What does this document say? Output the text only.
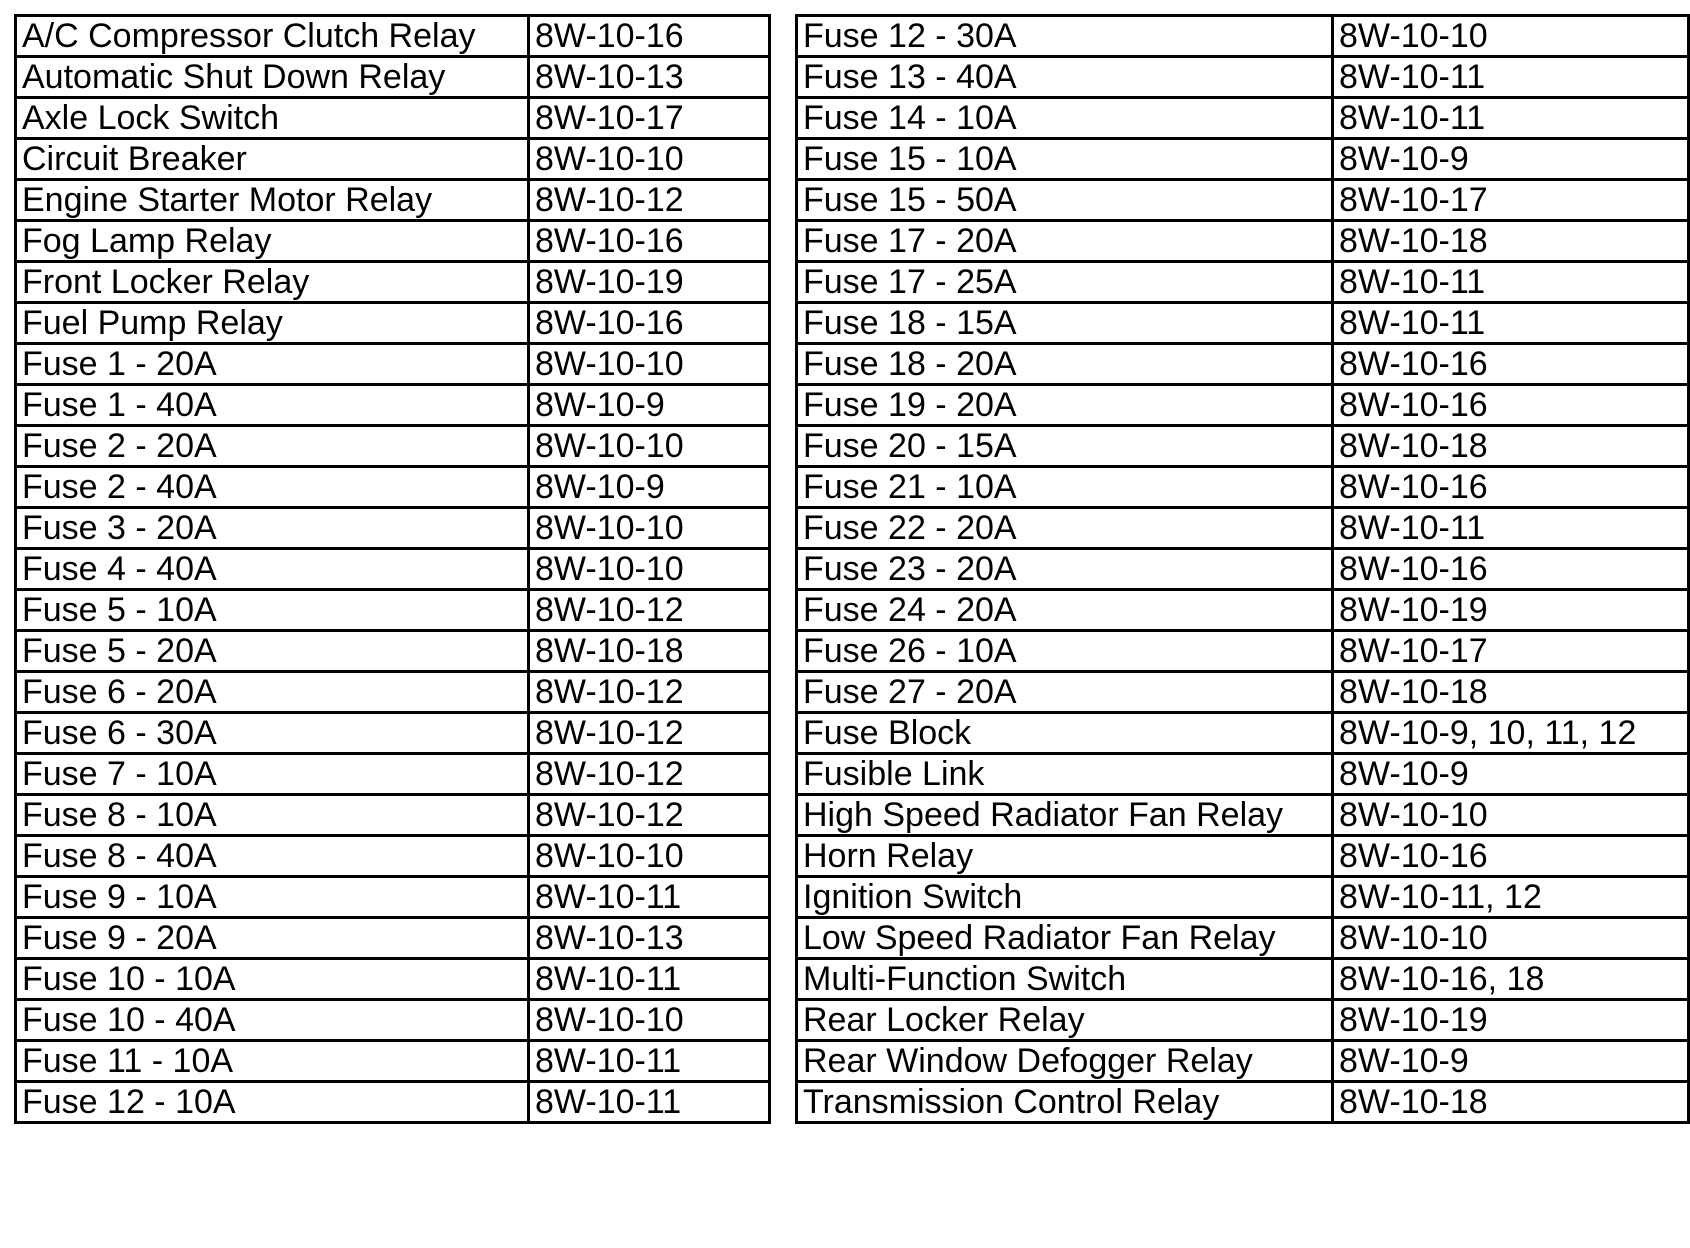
A/C Compressor Clutch Relay	8W-10-16
Automatic Shut Down Relay	8W-10-13
Axle Lock Switch	8W-10-17
Circuit Breaker	8W-10-10
Engine Starter Motor Relay	8W-10-12
Fog Lamp Relay	8W-10-16
Front Locker Relay	8W-10-19
Fuel Pump Relay	8W-10-16
Fuse 1 - 20A	8W-10-10
Fuse 1 - 40A	8W-10-9
Fuse 2 - 20A	8W-10-10
Fuse 2 - 40A	8W-10-9
Fuse 3 - 20A	8W-10-10
Fuse 4 - 40A	8W-10-10
Fuse 5 - 10A	8W-10-12
Fuse 5 - 20A	8W-10-18
Fuse 6 - 20A	8W-10-12
Fuse 6 - 30A	8W-10-12
Fuse 7 - 10A	8W-10-12
Fuse 8 - 10A	8W-10-12
Fuse 8 - 40A	8W-10-10
Fuse 9 - 10A	8W-10-11
Fuse 9 - 20A	8W-10-13
Fuse 10 - 10A	8W-10-11
Fuse 10 - 40A	8W-10-10
Fuse 11 - 10A	8W-10-11
Fuse 12 - 10A	8W-10-11
Fuse 12 - 30A	8W-10-10
Fuse 13 - 40A	8W-10-11
Fuse 14 - 10A	8W-10-11
Fuse 15 - 10A	8W-10-9
Fuse 15 - 50A	8W-10-17
Fuse 17 - 20A	8W-10-18
Fuse 17 - 25A	8W-10-11
Fuse 18 - 15A	8W-10-11
Fuse 18 - 20A	8W-10-16
Fuse 19 - 20A	8W-10-16
Fuse 20 - 15A	8W-10-18
Fuse 21 - 10A	8W-10-16
Fuse 22 - 20A	8W-10-11
Fuse 23 - 20A	8W-10-16
Fuse 24 - 20A	8W-10-19
Fuse 26 - 10A	8W-10-17
Fuse 27 - 20A	8W-10-18
Fuse Block	8W-10-9, 10, 11, 12
Fusible Link	8W-10-9
High Speed Radiator Fan Relay	8W-10-10
Horn Relay	8W-10-16
Ignition Switch	8W-10-11, 12
Low Speed Radiator Fan Relay	8W-10-10
Multi-Function Switch	8W-10-16, 18
Rear Locker Relay	8W-10-19
Rear Window Defogger Relay	8W-10-9
Transmission Control Relay	8W-10-18
